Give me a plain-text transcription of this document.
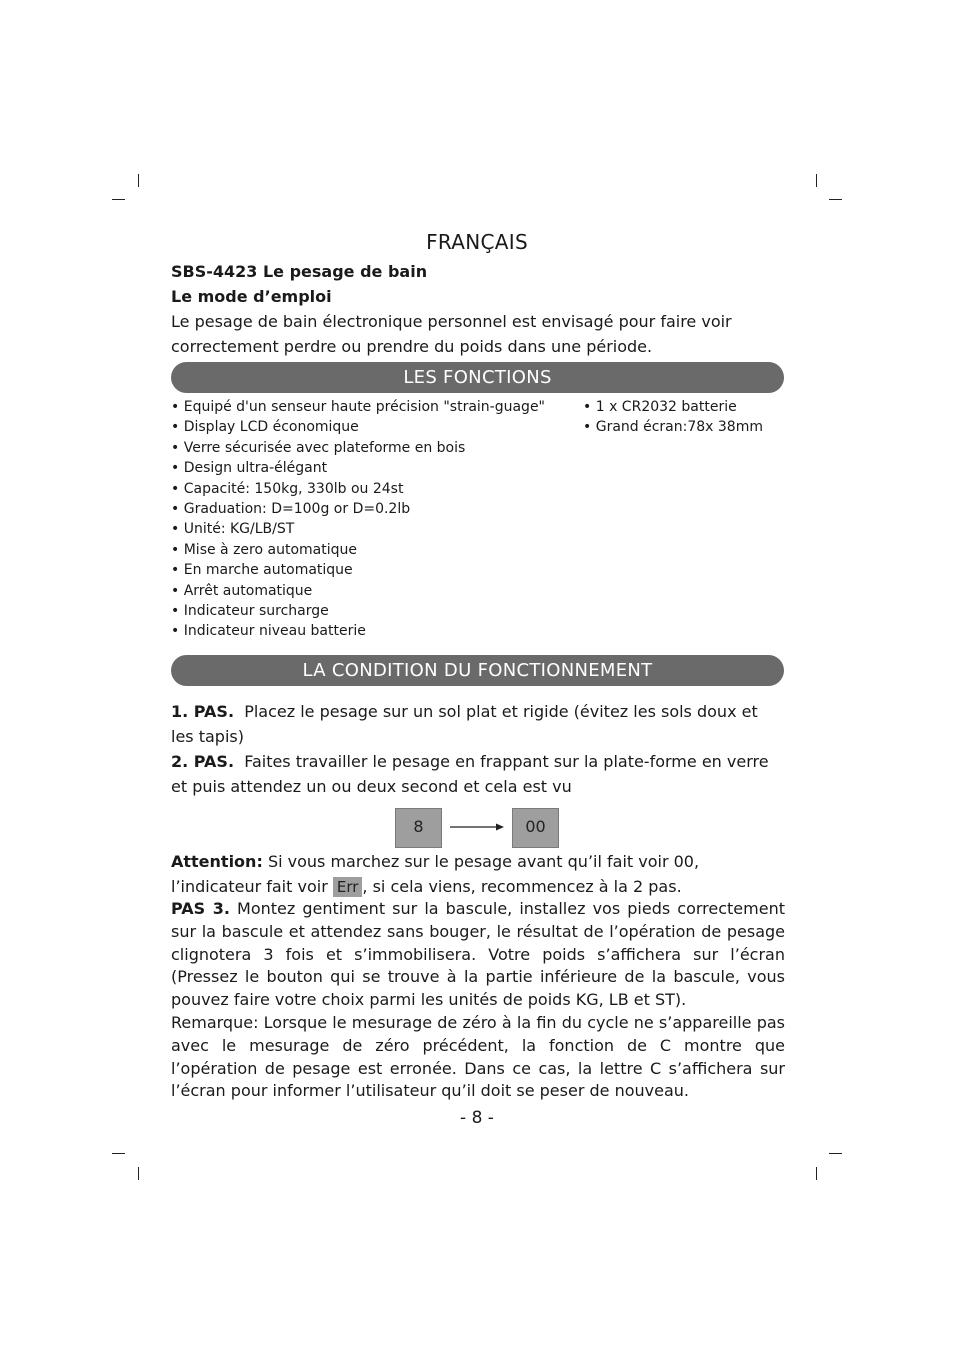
FRANÇAIS
SBS-4423 Le pesage de bain
Le mode d’emploi
Le pesage de bain électronique personnel est envisagé pour faire voir correctement perdre ou prendre du poids dans une période.
LES FONCTIONS
• Equipé d'un senseur haute précision "strain-guage"
• Display LCD économique
• Verre sécurisée avec plateforme en bois
• Design ultra-élégant
• Capacité: 150kg, 330lb ou 24st
• Graduation: D=100g or D=0.2lb
• Unité: KG/LB/ST
• Mise à zero automatique
• En marche automatique
• Arrêt automatique
• Indicateur surcharge
• Indicateur niveau batterie
• 1 x CR2032 batterie
• Grand écran:78x 38mm
LA CONDITION DU FONCTIONNEMENT
1. PAS. Placez le pesage sur un sol plat et rigide (évitez les sols doux et les tapis)
2. PAS. Faites travailler le pesage en frappant sur la plate-forme en verre et puis attendez un ou deux second et cela est vu
8	00
Attention: Si vous marchez sur le pesage avant qu’il fait voir 00, l’indicateur fait voir Err , si cela viens, recommencez à la 2 pas.
PAS 3. Montez gentiment sur la bascule, installez vos pieds correctement sur la bascule et attendez sans bouger, le résultat de l’opération de pesage clignotera 3 fois et s’immobilisera. Votre poids s’affichera sur l’écran (Pressez le bouton qui se trouve à la partie inférieure de la bascule, vous pouvez faire votre choix parmi les unités de poids KG, LB et ST).
Remarque: Lorsque le mesurage de zéro à la fin du cycle ne s’appareille pas avec le mesurage de zéro précédent, la fonction de C montre que l’opération de pesage est erronée. Dans ce cas, la lettre C s’affichera sur l’écran pour informer l’utilisateur qu’il doit se peser de nouveau.
- 8 -
